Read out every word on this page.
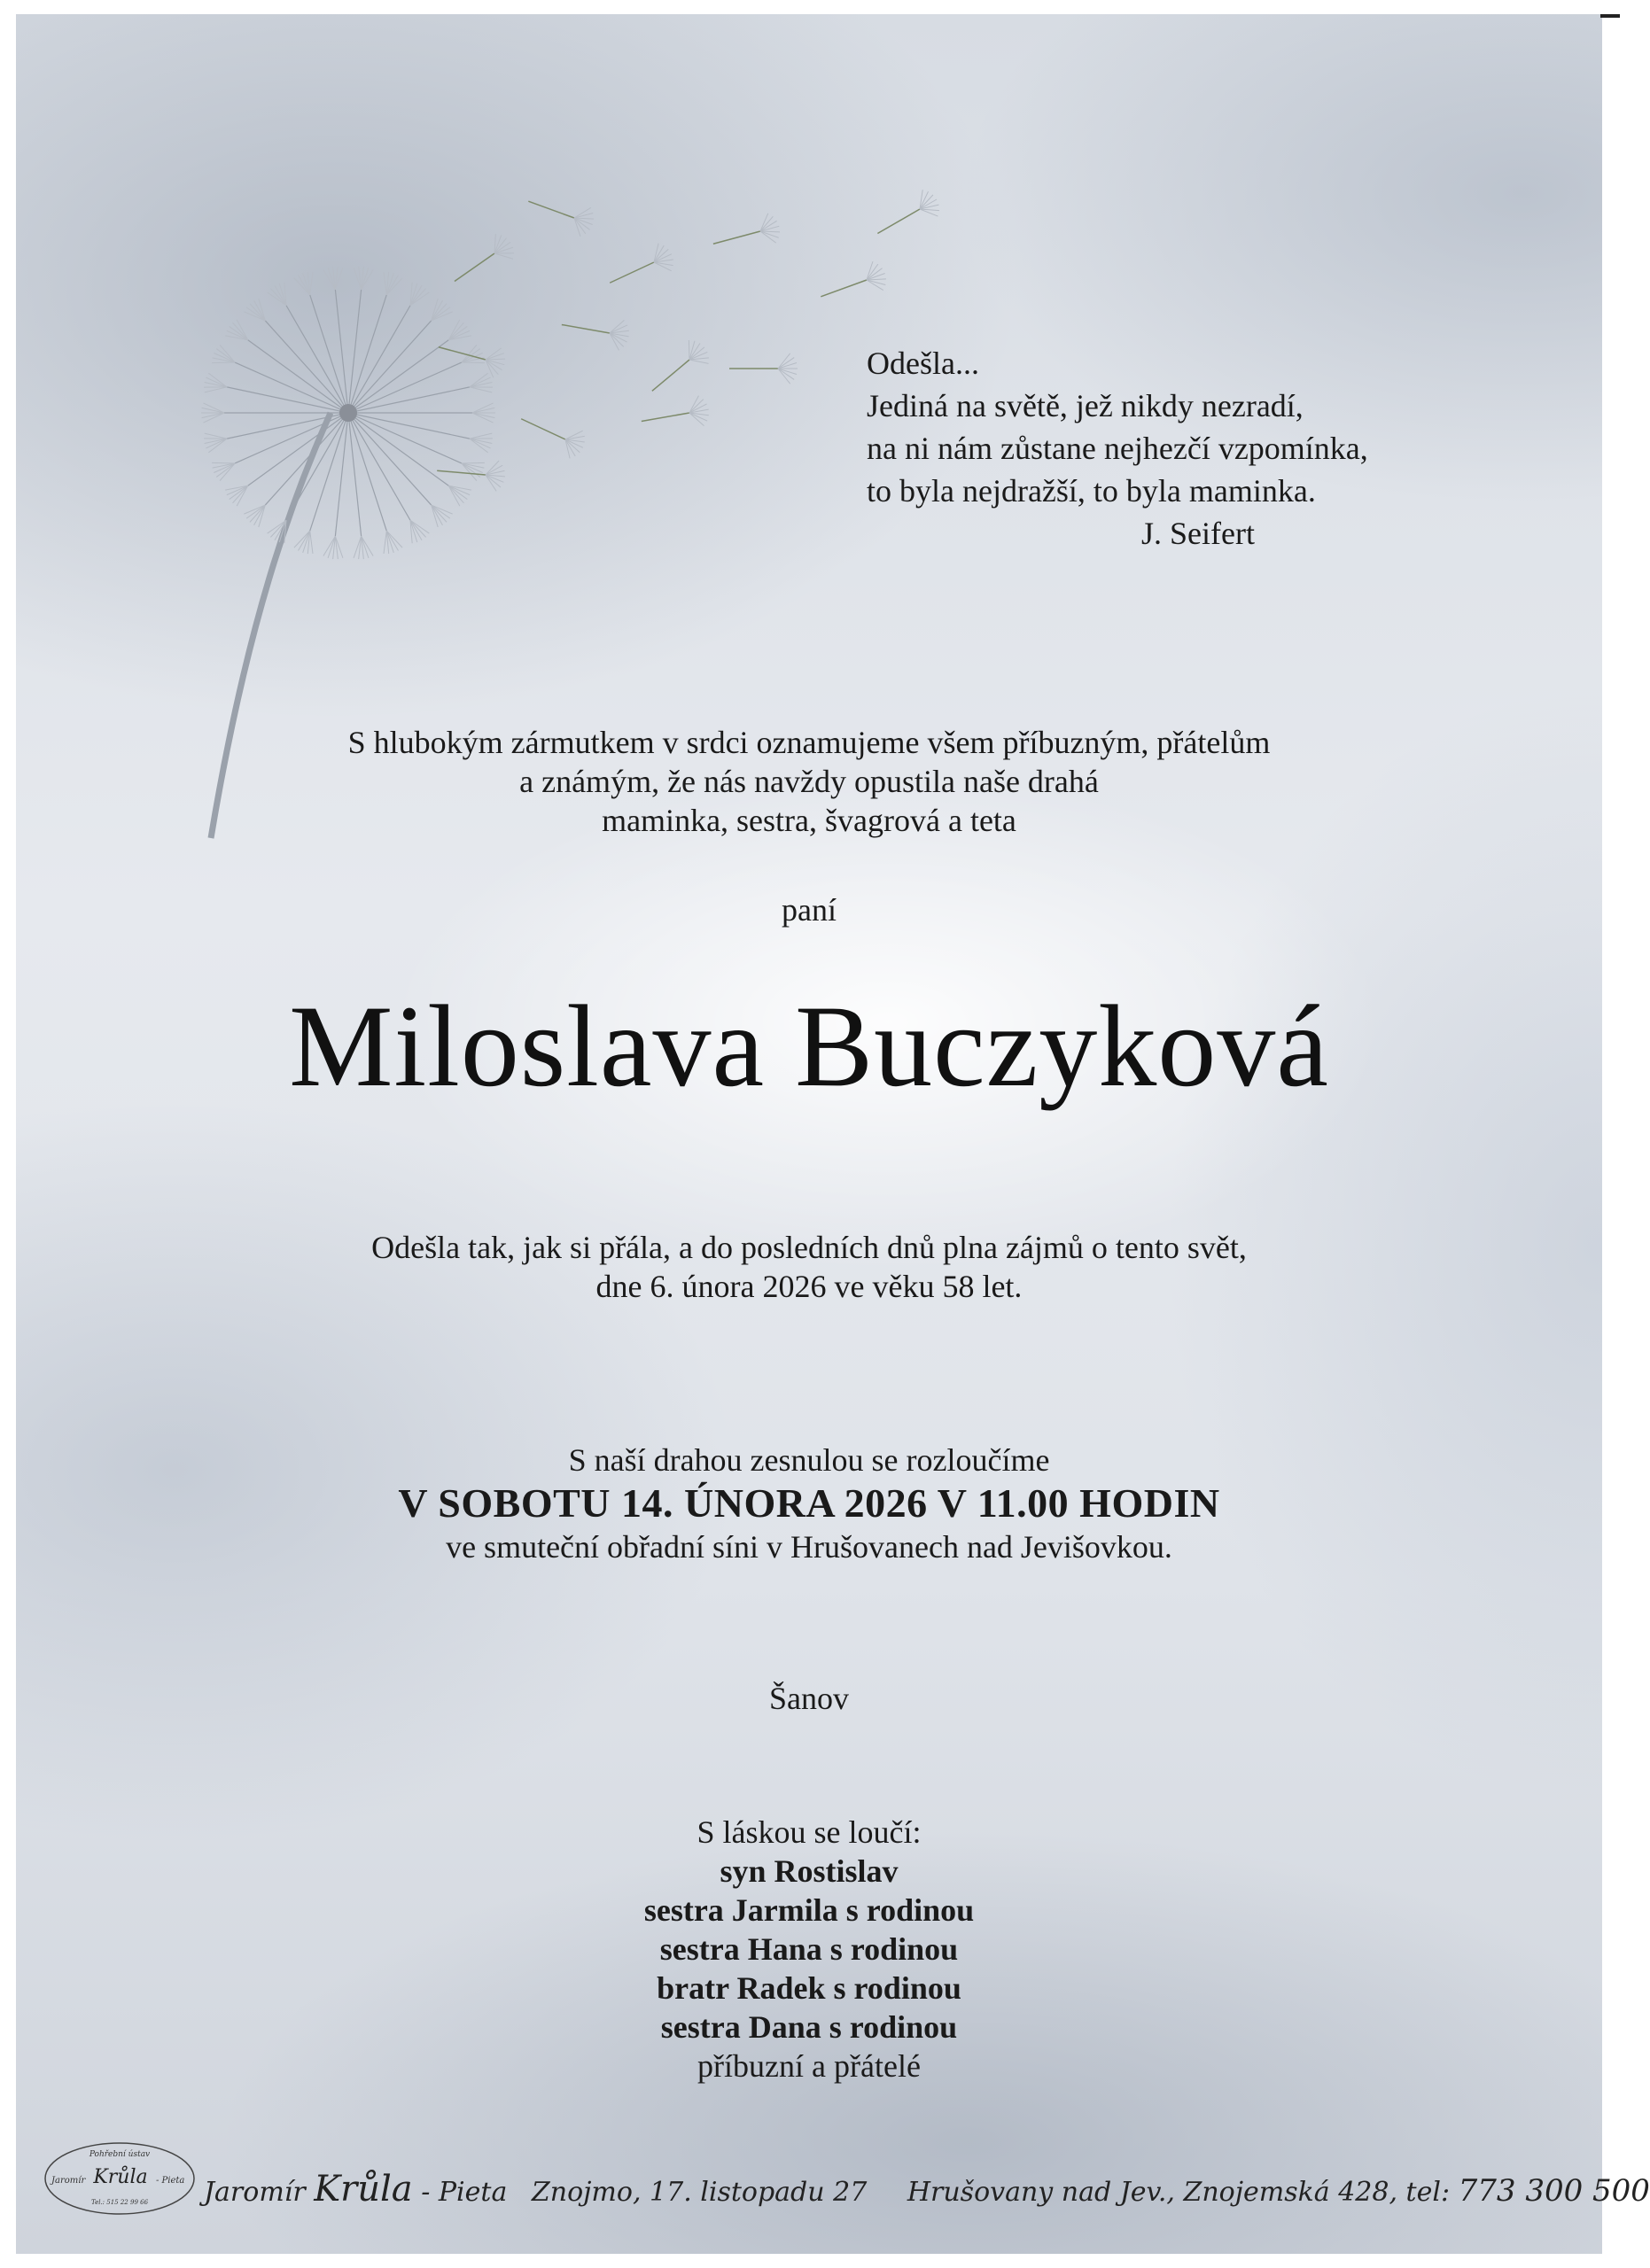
Odešla...
Jediná na světě, jež nikdy nezradí,
na ni nám zůstane nejhezčí vzpomínka,
to byla nejdražší, to byla maminka.
J. Seifert
S hlubokým zármutkem v srdci oznamujeme všem příbuzným, přátelům
a známým, že nás navždy opustila naše drahá
maminka, sestra, švagrová a teta
paní
Miloslava Buczyková
Odešla tak, jak si přála, a do posledních dnů plna zájmů o tento svět,
dne 6. února 2026 ve věku 58 let.
S naší drahou zesnulou se rozloučíme
V SOBOTU 14. ÚNORA 2026 V 11.00 HODIN
ve smuteční obřadní síni v Hrušovanech nad Jevišovkou.
Šanov
S láskou se loučí:
syn Rostislav
sestra Jarmila s rodinou
sestra Hana s rodinou
bratr Radek s rodinou
sestra Dana s rodinou
příbuzní a přátelé
Pohřební ústav
Jaromír Krůla - Pieta
Tel.: 515 22 99 66 Jaromír Krůla - Pieta Znojmo, 17. listopadu 27 Hrušovany nad Jev., Znojemská 428, tel: 773 300 500
